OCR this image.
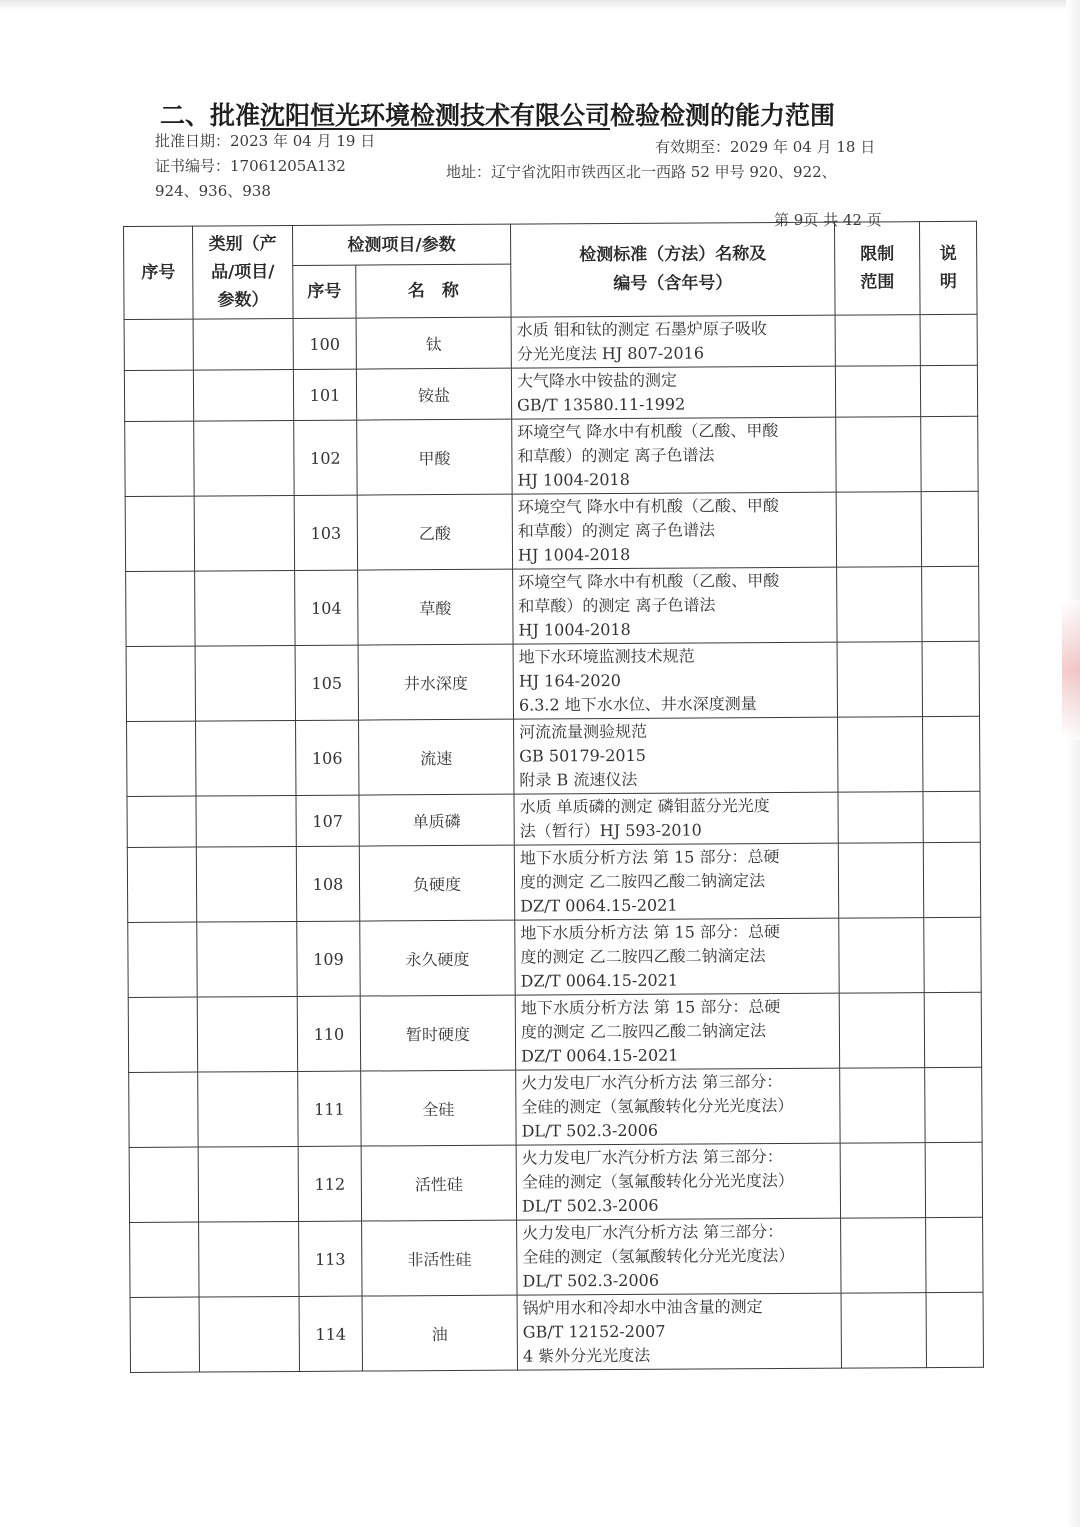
二、批准沈阳恒光环境检测技术有限公司检验检测的能力范围
批准日期：2023 年 04 月 19 日	有效期至：2029 年 04 月 18 日
证书编号：17061205A132	地址：辽宁省沈阳市铁西区北一西路 52 甲号 920、922、
924、936、938
第 9页 共 42 页
序号	类别（产
品/项目/
参数）	检测项目/参数		检测标准（方法）名称及
编号（含年号）	限制
范围	说
明

		序号	名　称			
		100	钛	水质 钼和钛的测定 石墨炉原子吸收
分光光度法 HJ 807-2016		

		101	铵盐	大气降水中铵盐的测定
GB/T 13580.11-1992		

		102	甲酸	环境空气 降水中有机酸（乙酸、甲酸
和草酸）的测定 离子色谱法
HJ 1004-2018		

		103	乙酸	环境空气 降水中有机酸（乙酸、甲酸
和草酸）的测定 离子色谱法
HJ 1004-2018		

		104	草酸	环境空气 降水中有机酸（乙酸、甲酸
和草酸）的测定 离子色谱法
HJ 1004-2018		

		105	井水深度	地下水环境监测技术规范
HJ 164-2020
6.3.2 地下水水位、井水深度测量		

		106	流速	河流流量测验规范
GB 50179-2015
附录 B 流速仪法		

		107	单质磷	水质 单质磷的测定 磷钼蓝分光光度
法（暂行）HJ 593-2010		

		108	负硬度	地下水质分析方法 第 15 部分：总硬
度的测定 乙二胺四乙酸二钠滴定法
DZ/T 0064.15-2021		

		109	永久硬度	地下水质分析方法 第 15 部分：总硬
度的测定 乙二胺四乙酸二钠滴定法
DZ/T 0064.15-2021		

		110	暂时硬度	地下水质分析方法 第 15 部分：总硬
度的测定 乙二胺四乙酸二钠滴定法
DZ/T 0064.15-2021		

		111	全硅	火力发电厂水汽分析方法 第三部分：
全硅的测定（氢氟酸转化分光光度法）
DL/T 502.3-2006		

		112	活性硅	火力发电厂水汽分析方法 第三部分：
全硅的测定（氢氟酸转化分光光度法）
DL/T 502.3-2006		

		113	非活性硅	火力发电厂水汽分析方法 第三部分：
全硅的测定（氢氟酸转化分光光度法）
DL/T 502.3-2006		

		114	油	锅炉用水和冷却水中油含量的测定
GB/T 12152-2007
4 紫外分光光度法		
